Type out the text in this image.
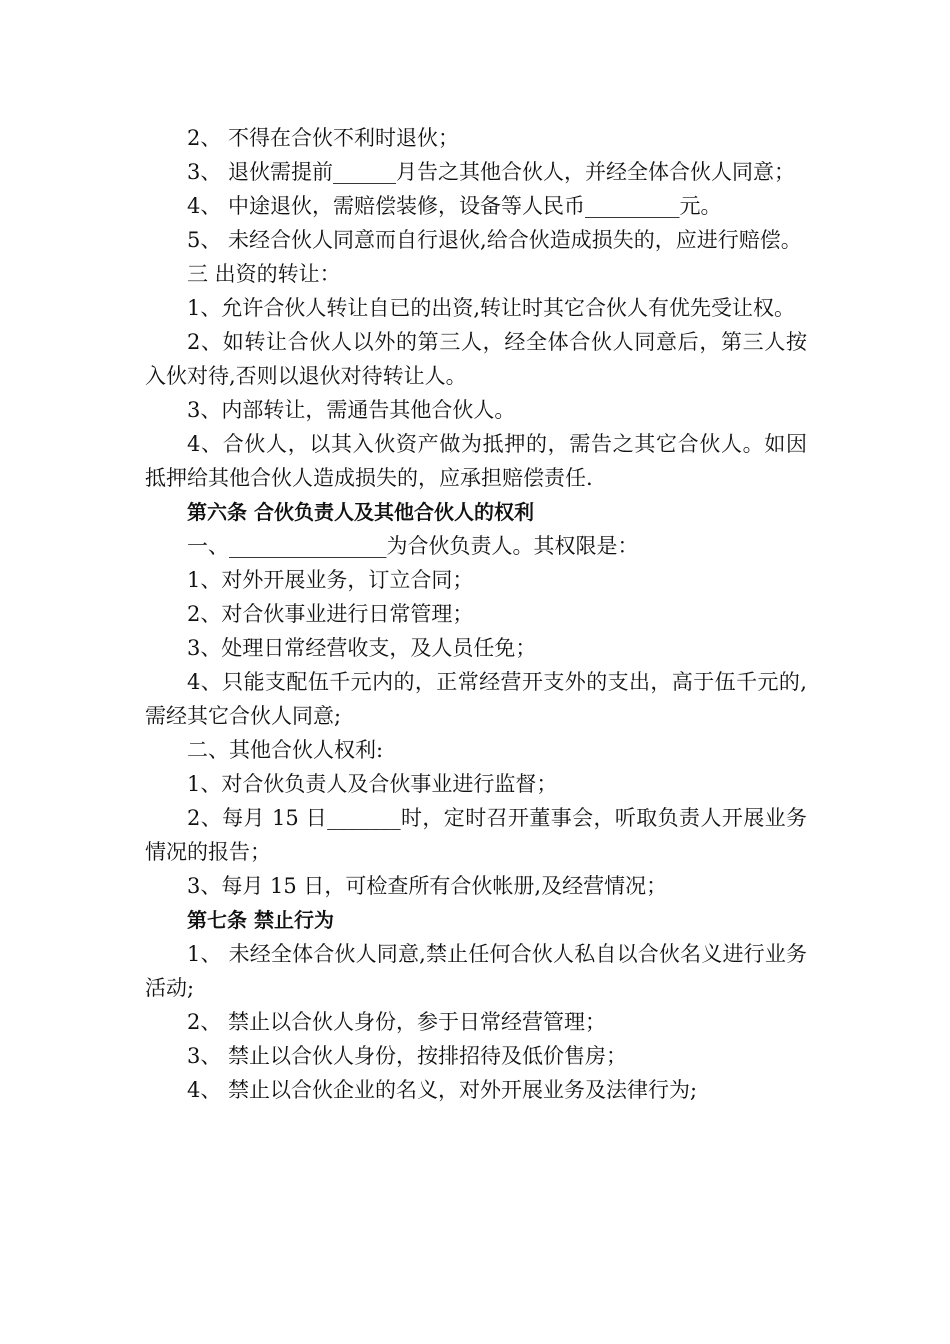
2、 不得在合伙不利时退伙；

3、 退伙需提前______月告之其他合伙人，并经全体合伙人同意；

4、 中途退伙，需赔偿装修，设备等人民币_________元。

5、 未经合伙人同意而自行退伙,给合伙造成损失的，应进行赔偿。

三 出资的转让：

1、允许合伙人转让自已的出资,转让时其它合伙人有优先受让权。

2、如转让合伙人以外的第三人，经全体合伙人同意后，第三人按入伙对待,否则以退伙对待转让人。

3、内部转让，需通告其他合伙人。

4、合伙人，以其入伙资产做为抵押的，需告之其它合伙人。如因抵押给其他合伙人造成损失的，应承担赔偿责任.

第六条 合伙负责人及其他合伙人的权利

一、_______________为合伙负责人。其权限是：

1、对外开展业务，订立合同；

2、对合伙事业进行日常管理；

3、处理日常经营收支，及人员任免；

4、只能支配伍千元内的，正常经营开支外的支出，高于伍千元的,需经其它合伙人同意;

二、其他合伙人权利:

1、对合伙负责人及合伙事业进行监督；

2、每月 15 日_______时，定时召开董事会，听取负责人开展业务情况的报告；

3、每月 15 日，可检查所有合伙帐册,及经营情况；

第七条 禁止行为

1、 未经全体合伙人同意,禁止任何合伙人私自以合伙名义进行业务活动;

2、 禁止以合伙人身份，参于日常经营管理；

3、 禁止以合伙人身份，按排招待及低价售房；

4、 禁止以合伙企业的名义，对外开展业务及法律行为;
